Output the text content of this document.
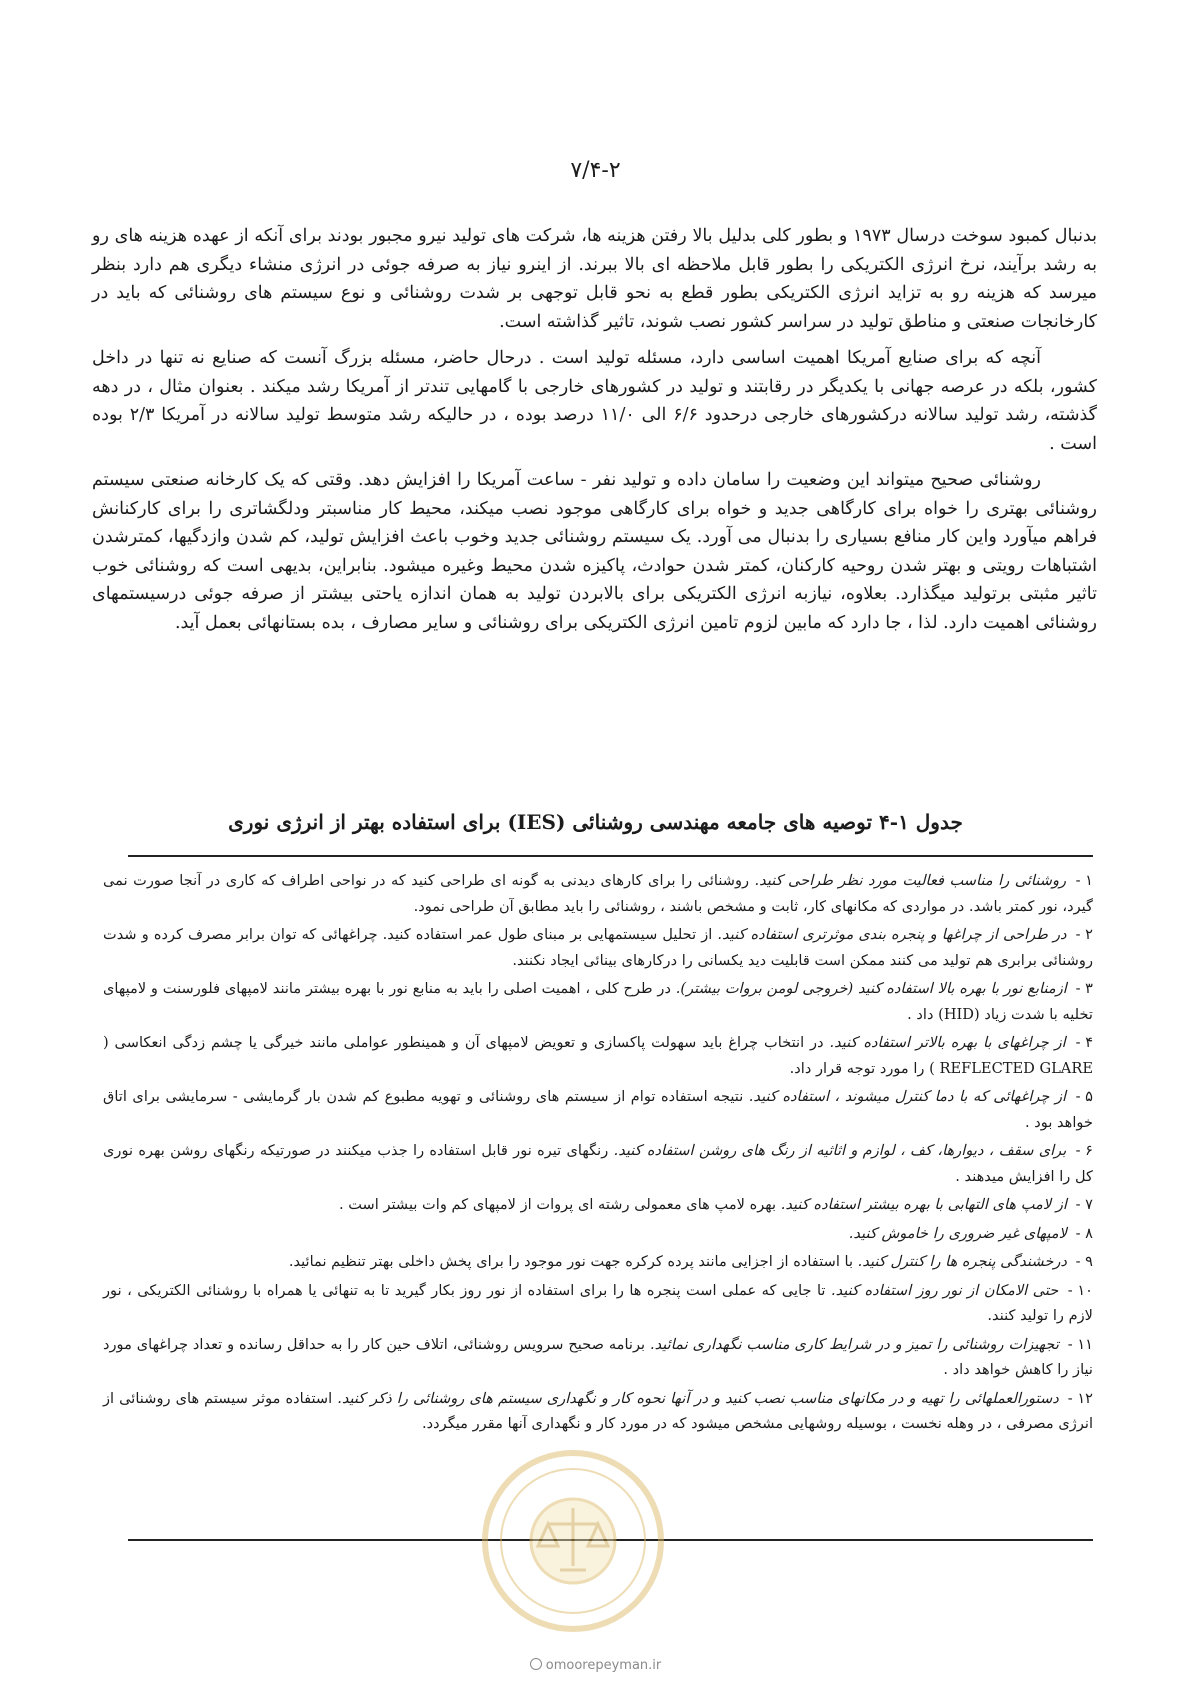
۷/۴-۲

بدنبال کمبود سوخت درسال ۱۹۷۳ و بطور کلی بدلیل بالا رفتن هزینه ها، شرکت های تولید نیرو مجبور بودند برای آنکه از عهده هزینه های رو به رشد برآیند، نرخ انرژی الکتریکی را بطور قابل ملاحظه ای بالا ببرند. از اینرو نیاز به صرفه جوئی در انرژی منشاء دیگری هم دارد بنظر میرسد که هزینه رو به تزاید انرژی الکتریکی بطور قطع به نحو قابل توجهی بر شدت روشنائی و نوع سیستم های روشنائی که باید در کارخانجات صنعتی و مناطق تولید در سراسر کشور نصب شوند، تاثیر گذاشته است.

آنچه که برای صنایع آمریکا اهمیت اساسی دارد، مسئله تولید است . درحال حاضر، مسئله بزرگ آنست که صنایع نه تنها در داخل کشور، بلکه در عرصه جهانی با یکدیگر در رقابتند و تولید در کشورهای خارجی با گامهایی تندتر از آمریکا رشد میکند . بعنوان مثال ، در دهه گذشته، رشد تولید سالانه درکشورهای خارجی درحدود ۶/۶ الی ۱۱/۰ درصد بوده ، در حالیکه رشد متوسط تولید سالانه در آمریکا ۲/۳ بوده است .

روشنائی صحیح میتواند این وضعیت را سامان داده و تولید نفر - ساعت آمریکا را افزایش دهد. وقتی که یک کارخانه صنعتی سیستم روشنائی بهتری را خواه برای کارگاهی جدید و خواه برای کارگاهی موجود نصب میکند، محیط کار مناسبتر ودلگشاتری را برای کارکنانش فراهم میآورد واین کار منافع بسیاری را بدنبال می آورد. یک سیستم روشنائی جدید وخوب باعث افزایش تولید، کم شدن وازدگیها، کمترشدن اشتباهات رویتی و بهتر شدن روحیه کارکنان، کمتر شدن حوادث، پاکیزه شدن محیط وغیره میشود. بنابراین، بدیهی است که روشنائی خوب تاثیر مثبتی برتولید میگذارد. بعلاوه، نیازبه انرژی الکتریکی برای بالابردن تولید به همان اندازه یاحتی بیشتر از صرفه جوئی درسیستمهای روشنائی اهمیت دارد. لذا ، جا دارد که مابین لزوم تامین انرژی الکتریکی برای روشنائی و سایر مصارف ، بده بستانهائی بعمل آید.

جدول ۱-۴ توصیه های جامعه مهندسی روشنائی (IES) برای استفاده بهتر از انرژی نوری
۱ - روشنائی را مناسب فعالیت مورد نظر طراحی کنید. روشنائی را برای کارهای دیدنی به گونه ای طراحی کنید که در نواحی اطراف که کاری در آنجا صورت نمی گیرد، نور کمتر باشد. در مواردی که مکانهای کار، ثابت و مشخص باشند ، روشنائی را باید مطابق آن طراحی نمود.
۲ - در طراحی از چراغها و پنجره بندی موثرتری استفاده کنید. از تحلیل سیستمهایی بر مبنای طول عمر استفاده کنید. چراغهائی که توان برابر مصرف کرده و شدت روشنائی برابری هم تولید می کنند ممکن است قابلیت دید یکسانی را درکارهای بینائی ایجاد نکنند.
۳ - ازمنابع نور با بهره بالا استفاده کنید (خروجی لومن بروات بیشتر). در طرح کلی ، اهمیت اصلی را باید به منابع نور با بهره بیشتر مانند لامپهای فلورسنت و لامپهای تخلیه با شدت زیاد (HID) داد .
۴ - از چراغهای با بهره بالاتر استفاده کنید. در انتخاب چراغ باید سهولت پاکسازی و تعویض لامپهای آن و همینطور عواملی مانند خیرگی یا چشم زدگی انعکاسی ( REFLECTED GLARE ) را مورد توجه قرار داد.
۵ - از چراغهائی که با دما کنترل میشوند ، استفاده کنید. نتیجه استفاده توام از سیستم های روشنائی و تهویه مطبوع کم شدن بار گرمایشی - سرمایشی برای اتاق خواهد بود .
۶ - برای سقف ، دیوارها، کف ، لوازم و اثاثیه از رنگ های روشن استفاده کنید. رنگهای تیره نور قابل استفاده را جذب میکنند در صورتیکه رنگهای روشن بهره نوری کل را افزایش میدهند .
۷ - از لامپ های التهابی با بهره بیشتر استفاده کنید. بهره لامپ های معمولی رشته ای پروات از لامپهای کم وات بیشتر است .
۸ - لامپهای غیر ضروری را خاموش کنید.
۹ - درخشندگی پنجره ها را کنترل کنید. با استفاده از اجزایی مانند پرده کرکره جهت نور موجود را برای پخش داخلی بهتر تنظیم نمائید.
۱۰ - حتی الامکان از نور روز استفاده کنید. تا جایی که عملی است پنجره ها را برای استفاده از نور روز بکار گیرید تا به تنهائی یا همراه با روشنائی الکتریکی ، نور لازم را تولید کنند.
۱۱ - تجهیزات روشنائی را تمیز و در شرایط کاری مناسب نگهداری نمائید. برنامه صحیح سرویس روشنائی، اتلاف حین کار را به حداقل رسانده و تعداد چراغهای مورد نیاز را کاهش خواهد داد .
۱۲ - دستورالعملهائی را تهیه و در مکانهای مناسب نصب کنید و در آنها نحوه کار و نگهداری سیستم های روشنائی را ذکر کنید. استفاده موثر سیستم های روشنائی از انرژی مصرفی ، در وهله نخست ، بوسیله روشهایی مشخص میشود که در مورد کار و نگهداری آنها مقرر میگردد.
omoorepeyman.ir
